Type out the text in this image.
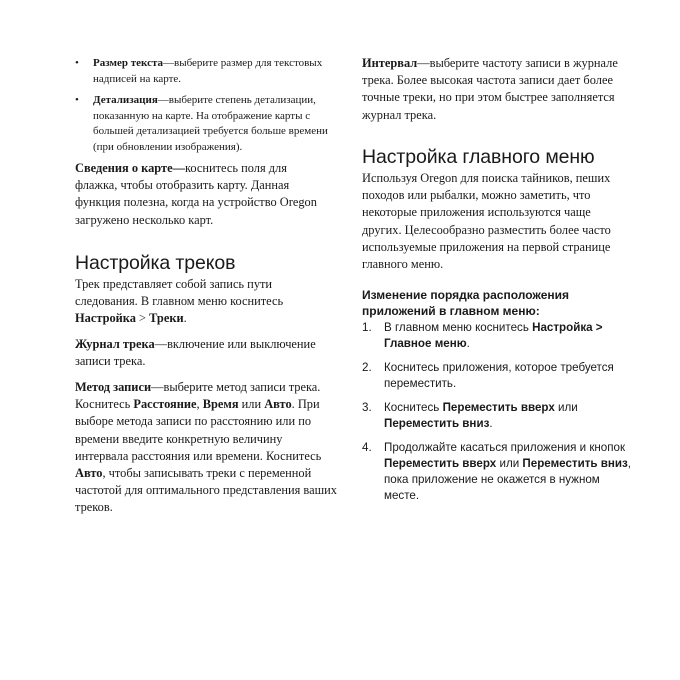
• Размер текста—выберите размер для текстовых надписей на карте.
• Детализация—выберите степень детализации, показанную на карте. На отображение карты с большей детализацией требуется больше времени (при обновлении изображения).

Сведения о карте—коснитесь поля для флажка, чтобы отобразить карту. Данная функция полезна, когда на устройство Oregon загружено несколько карт.

Настройка треков

Трек представляет собой запись пути следования. В главном меню коснитесь Настройка > Треки.

Журнал трека—включение или выключение записи трека.

Метод записи—выберите метод записи трека. Коснитесь Расстояние, Время или Авто. При выборе метода записи по расстоянию или по времени введите конкретную величину интервала расстояния или времени. Коснитесь Авто, чтобы записывать треки с переменной частотой для оптимального представления ваших треков.

Интервал—выберите частоту записи в журнале трека. Более высокая частота записи дает более точные треки, но при этом быстрее заполняется журнал трека.

Настройка главного меню

Используя Oregon для поиска тайников, пеших походов или рыбалки, можно заметить, что некоторые приложения используются чаще других. Целесообразно разместить более часто используемые приложения на первой странице главного меню.

Изменение порядка расположения приложений в главном меню:

1. В главном меню коснитесь Настройка > Главное меню.
2. Коснитесь приложения, которое требуется переместить.
3. Коснитесь Переместить вверх или Переместить вниз.
4. Продолжайте касаться приложения и кнопок Переместить вверх или Переместить вниз, пока приложение не окажется в нужном месте.
